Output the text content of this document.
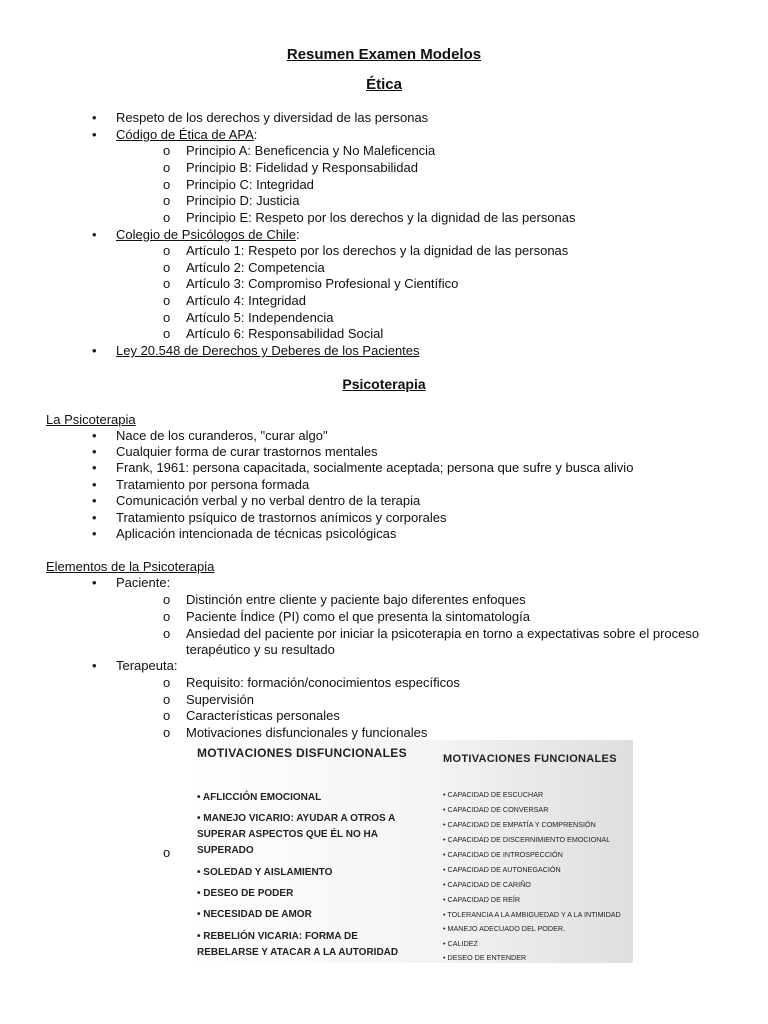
Resumen Examen Modelos
Ética
• Respeto de los derechos y diversidad de las personas
• Código de Ética de APA:
o Principio A: Beneficencia y No Maleficencia
o Principio B: Fidelidad y Responsabilidad
o Principio C: Integridad
o Principio D: Justicia
o Principio E: Respeto por los derechos y la dignidad de las personas
• Colegio de Psicólogos de Chile:
o Artículo 1: Respeto por los derechos y la dignidad de las personas
o Artículo 2: Competencia
o Artículo 3: Compromiso Profesional y Científico
o Artículo 4: Integridad
o Artículo 5: Independencia
o Artículo 6: Responsabilidad Social
• Ley 20.548 de Derechos y Deberes de los Pacientes
Psicoterapia
La Psicoterapia
• Nace de los curanderos, "curar algo"
• Cualquier forma de curar trastornos mentales
• Frank, 1961: persona capacitada, socialmente aceptada; persona que sufre y busca alivio
• Tratamiento por persona formada
• Comunicación verbal y no verbal dentro de la terapia
• Tratamiento psíquico de trastornos anímicos y corporales
• Aplicación intencionada de técnicas psicológicas
Elementos de la Psicoterapia
• Paciente:
o Distinción entre cliente y paciente bajo diferentes enfoques
o Paciente Índice (PI) como el que presenta la sintomatología
o Ansiedad del paciente por iniciar la psicoterapia en torno a expectativas sobre el proceso
terapéutico y su resultado
• Terapeuta:
o Requisito: formación/conocimientos específicos
o Supervisión
o Características personales
o Motivaciones disfuncionales y funcionales
o
MOTIVACIONES DISFUNCIONALES
• AFLICCIÓN EMOCIONAL
• MANEJO VICARIO: AYUDAR A OTROS A SUPERAR ASPECTOS QUE ÉL NO HA SUPERADO
• SOLEDAD Y AISLAMIENTO
• DESEO DE PODER
• NECESIDAD DE AMOR
• REBELIÓN VICARIA: FORMA DE REBELARSE Y ATACAR A LA AUTORIDAD
MOTIVACIONES FUNCIONALES
• CAPACIDAD DE ESCUCHAR
• CAPACIDAD DE CONVERSAR
• CAPACIDAD DE EMPATÍA Y COMPRENSIÓN
• CAPACIDAD DE DISCERNIMIENTO EMOCIONAL
• CAPACIDAD DE INTROSPECCIÓN
• CAPACIDAD DE AUTONEGACIÓN
• CAPACIDAD DE CARIÑO
• CAPACIDAD DE REÍR
• TOLERANCIA A LA AMBIGUEDAD Y A LA INTIMIDAD
• MANEJO ADECUADO DEL PODER.
• CALIDEZ
• DESEO DE ENTENDER
